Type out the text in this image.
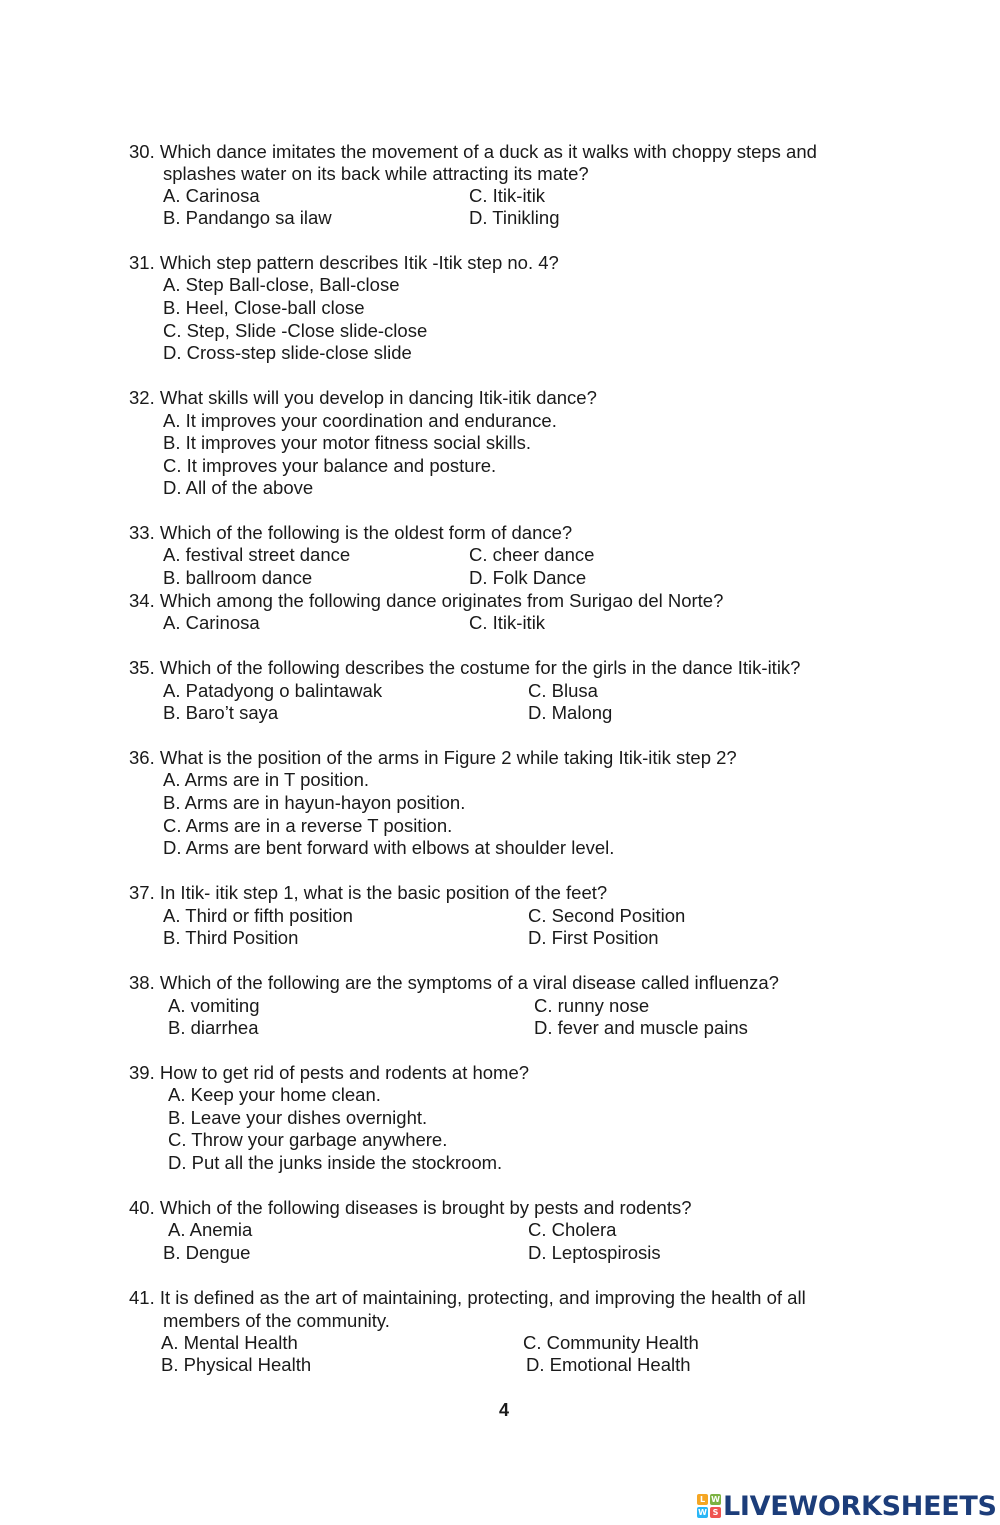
30. Which dance imitates the movement of a duck as it walks with choppy steps and
splashes water on its back while attracting its mate?
A. Carinosa	C. Itik-itik
B. Pandango sa ilaw	D. Tinikling
31. Which step pattern describes Itik -Itik step no. 4?
A. Step Ball-close, Ball-close
B. Heel, Close-ball close
C. Step, Slide -Close slide-close
D. Cross-step slide-close slide
32. What skills will you develop in dancing Itik-itik dance?
A. It improves your coordination and endurance.
B. It improves your motor fitness social skills.
C. It improves your balance and posture.
D. All of the above
33. Which of the following is the oldest form of dance?
A. festival street dance	C. cheer dance
B. ballroom dance	D. Folk Dance
34. Which among the following dance originates from Surigao del Norte?
A. Carinosa	C. Itik-itik
35. Which of the following describes the costume for the girls in the dance Itik-itik?
A. Patadyong o balintawak	C. Blusa
B. Baro’t saya	D. Malong
36. What is the position of the arms in Figure 2 while taking Itik-itik step 2?
A. Arms are in T position.
B. Arms are in hayun-hayon position.
C. Arms are in a reverse T position.
D. Arms are bent forward with elbows at shoulder level.
37. In Itik- itik step 1, what is the basic position of the feet?
A. Third or fifth position	C. Second Position
B. Third Position	D. First Position
38. Which of the following are the symptoms of a viral disease called influenza?
A. vomiting	C. runny nose
B. diarrhea	D. fever and muscle pains
39. How to get rid of pests and rodents at home?
A. Keep your home clean.
B. Leave your dishes overnight.
C. Throw your garbage anywhere.
D. Put all the junks inside the stockroom.
40. Which of the following diseases is brought by pests and rodents?
A. Anemia	C. Cholera
B. Dengue	D. Leptospirosis
41. It is defined as the art of maintaining, protecting, and improving the health of all
members of the community.
A. Mental Health	C. Community Health
B. Physical Health	D. Emotional Health
4
L W
W S LIVEWORKSHEETS
